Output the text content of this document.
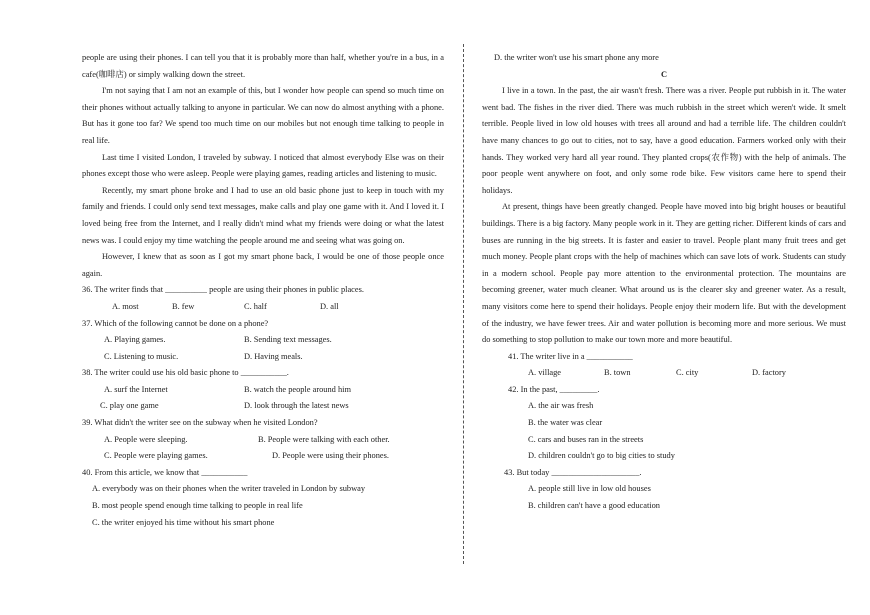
people are using their phones. I can tell you that it is probably more than half, whether you're in a bus, in a cafe(咖啡店) or simply walking down the street.

I'm not saying that I am not an example of this, but I wonder how people can spend so much time on their phones without actually talking to anyone in particular. We can now do almost anything with a phone. But has it gone too far? We spend too much time on our mobiles but not enough time talking to people in real life.

Last time I visited London, I traveled by subway. I noticed that almost everybody Else was on their phones except those who were asleep. People were playing games, reading articles and listening to music.

Recently, my smart phone broke and I had to use an old basic phone just to keep in touch with my family and friends. I could only send text messages, make calls and play one game with it. And I loved it. I loved being free from the Internet, and I really didn't mind what my friends were doing or what the latest news was. I could enjoy my time watching the people around me and seeing what was going on.

However, I knew that as soon as I got my smart phone back, I would be one of those people once again.

36. The writer finds that __________ people are using their phones in public places.

A. most	B. few	C. half	D. all

37. Which of the following cannot be done on a phone?

A. Playing games.	B. Sending text messages.
C. Listening to music.	D. Having meals.

38. The writer could use his old basic phone to ___________.

A. surf the Internet	B. watch the people around him
C. play one game	D. look through the latest news

39. What didn't the writer see on the subway when he visited London?

A. People were sleeping.	B. People were talking with each other.
C. People were playing games.	D. People were using their phones.

40. From this article, we know that ___________

A. everybody was on their phones when the writer traveled in London by subway

B. most people spend enough time talking to people in real life

C. the writer enjoyed his time without his smart phone

D. the writer won't use his smart phone any more

C

I live in a town. In the past, the air wasn't fresh. There was a river. People put rubbish in it. The water went bad. The fishes in the river died. There was much rubbish in the street which weren't wide. It smelt terrible. People lived in low old houses with trees all around and had a terrible life. The children couldn't have many chances to go out to cities, not to say, have a good education. Farmers worked only with their hands. They worked very hard all year round. They planted crops(农作物) with the help of animals. The poor people went anywhere on foot, and only some rode bike. Few visitors came here to spend their holidays.

At present, things have been greatly changed. People have moved into big bright houses or beautiful buildings. There is a big factory. Many people work in it. They are getting richer. Different kinds of cars and buses are running in the big streets. It is faster and easier to travel. People plant many fruit trees and get much money. People plant crops with the help of machines which can save lots of work. Students can study in a modern school. People pay more attention to the environmental protection. The mountains are becoming greener, water much cleaner. What around us is the clearer sky and greener water. As a result, many visitors come here to spend their holidays. People enjoy their modern life. But with the development of the industry, we have fewer trees. Air and water pollution is becoming more and more serious. We must do something to stop pollution to make our town more and more beautiful.

41. The writer live in a ___________

A. village	B. town	C. city	D. factory

42. In the past, _________.

A. the air was fresh

B. the water was clear

C. cars and buses ran in the streets

D. children couldn't go to big cities to study

43. But today _____________________.

A. people still live in low old houses

B. children can't have a good education
